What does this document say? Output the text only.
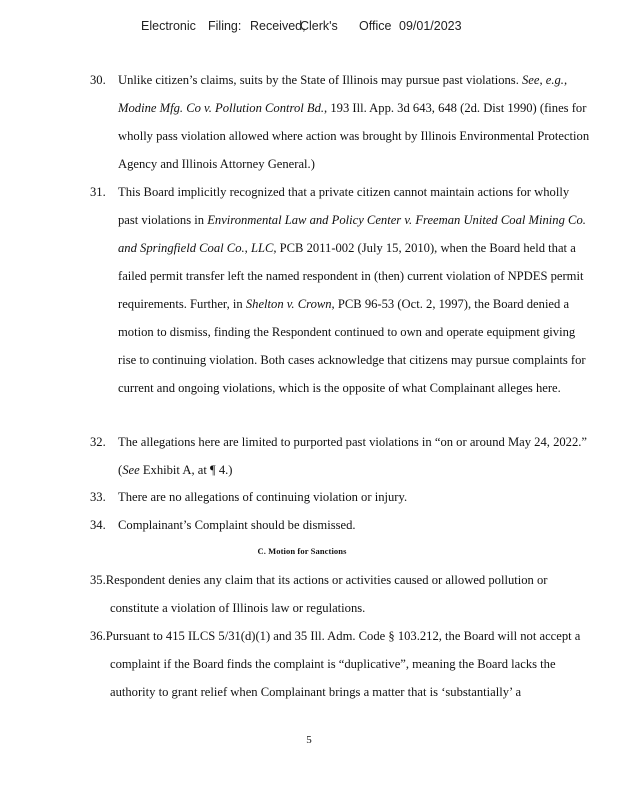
Electronic Filing: Received,
Clerk's Office 09/01/2023
30. Unlike citizen’s claims, suits by the State of Illinois may pursue past violations. See, e.g., Modine Mfg. Co v. Pollution Control Bd., 193 Ill. App. 3d 643, 648 (2d. Dist 1990) (fines for wholly pass violation allowed where action was brought by Illinois Environmental Protection Agency and Illinois Attorney General.)
31. This Board implicitly recognized that a private citizen cannot maintain actions for wholly past violations in Environmental Law and Policy Center v. Freeman United Coal Mining Co. and Springfield Coal Co., LLC, PCB 2011-002 (July 15, 2010), when the Board held that a failed permit transfer left the named respondent in (then) current violation of NPDES permit requirements. Further, in Shelton v. Crown, PCB 96-53 (Oct. 2, 1997), the Board denied a motion to dismiss, finding the Respondent continued to own and operate equipment giving rise to continuing violation. Both cases acknowledge that citizens may pursue complaints for current and ongoing violations, which is the opposite of what Complainant alleges here.
32. The allegations here are limited to purported past violations in “on or around May 24, 2022.” (See Exhibit A, at ¶ 4.)
33. There are no allegations of continuing violation or injury.
34. Complainant’s Complaint should be dismissed.
C. Motion for Sanctions
35.Respondent denies any claim that its actions or activities caused or allowed pollution or constitute a violation of Illinois law or regulations.
36.Pursuant to 415 ILCS 5/31(d)(1) and 35 Ill. Adm. Code § 103.212, the Board will not accept a complaint if the Board finds the complaint is “duplicative”, meaning the Board lacks the authority to grant relief when Complainant brings a matter that is ‘substantially’ a
5
